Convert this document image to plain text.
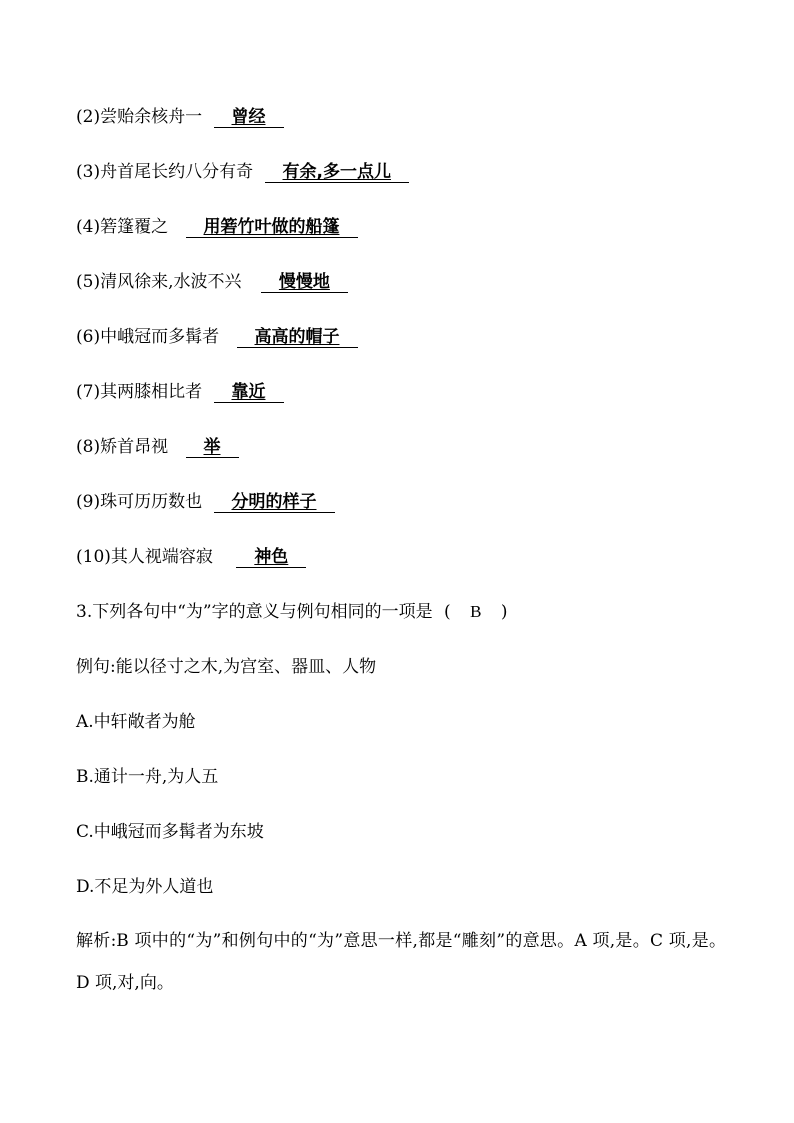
(2)尝贻余核舟一 曾经
(3)舟首尾长约八分有奇 有余,多一点儿
(4)箬篷覆之 用箬竹叶做的船篷
(5)清风徐来,水波不兴 慢慢地
(6)中峨冠而多髯者 高高的帽子
(7)其两膝相比者 靠近
(8)矫首昂视 举
(9)珠可历历数也 分明的样子
(10)其人视端容寂 神色
3.下列各句中“为”字的意义与例句相同的一项是 ( B )
例句:能以径寸之木,为宫室、器皿、人物
A.中轩敞者为舱
B.通计一舟,为人五
C.中峨冠而多髯者为东坡
D.不足为外人道也
解析:B 项中的“为”和例句中的“为”意思一样,都是“雕刻”的意思。A 项,是。C 项,是。D 项,对,向。
